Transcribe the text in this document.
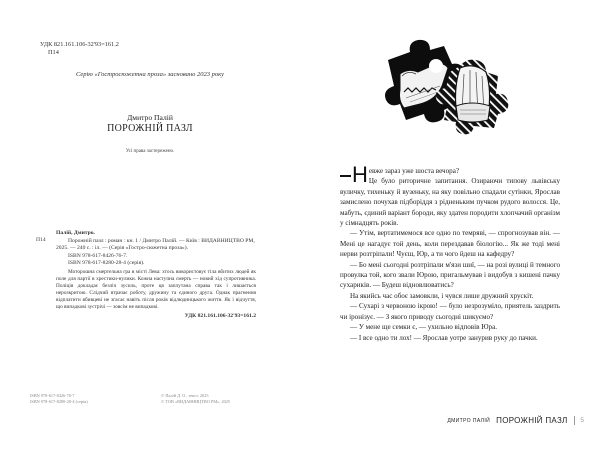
УДК 821.161.106-32'93=161.2
П14
Серію «Гостросюжетна проза» засновано 2023 року
Дмитро Палій
ПОРОЖНІЙ ПАЗЛ
Усі права застережено.
П14

Палій, Дмитро.

Порожній пазл : роман : кн. 1 / Дмитро Палій. — Київ : ВИДАВНИЦТВО РМ, 2025. — 240 с. : іл. — (Серія «Гострo-сюжетна проза»).

ISBN 978-617-8426-76-7.

ISBN 978-617-8280-28-4 (серія).

Моторошна смертельна гра в місті Лева: хтось використовує тіла вбитих людей як поле для партії в хрестики-нулики. Кожна наступна смерть — новий хід супротивника. Поліція докладає безліч зусиль, проте ця заплутана справа так і лишається нерозкритою. Слідчий втрачає роботу, дружину та єдиного друга. Однак прагнення відплатити вбивцеві не згасає навіть після років відлюдницького життя. Як і відчуття, що випадкові зустрічі — зовсім не випадкові.

УДК 821.161.106-32'93=161.2

ISBN 978-617-8426-76-7
ISBN 978-617-8280-28-4 (серія)
© Палій Д. О., текст, 2025
© ТОВ «ВИДАВНИЦТВО РМ», 2025

Н евже зараз уже шоста вечора?
Це було риторичне запитання. Озираючи типову львівську вуличку, тихеньку й вузеньку, на яку повільно спадали сутінки, Ярослав замислено почухав підборіддя з рідненьким пучком рудого волосся. Це, мабуть, єдиний варіант бороди, яку здатен породити хлопчачий організм у сімнадцять років.

— Утім, вертатимемося все одно по темряві, — спрогнозував він. — Мені це нагадує той день, коли перездавав біологію... Як же тоді мені нерви розтріпали! Чуєш, Юр, а ти чого йдеш на кафедру?

— Бо мені сьогодні розтріпали м'язи шиї, — на розі вулиці й темного провулка той, кого звали Юрою, пригальмував і видобув з кишені пачку сухариків. — Будеш відновлюватись?

На якийсь час обоє замовкли, і чувся лише дружний хрускіт.

— Сухарі з червоною ікрою! — було незрозуміло, приятель заздрить чи іронізує. — З якого приводу сьогодні шикуємо?

— У мене ще семки є, — ухильно відповів Юра.

— І все одно ти лох! — Ярослав уотре занурив руку до пачки.

ДМИТРО ПАЛІЙ ПОРОЖНІЙ ПАЗЛ 5
